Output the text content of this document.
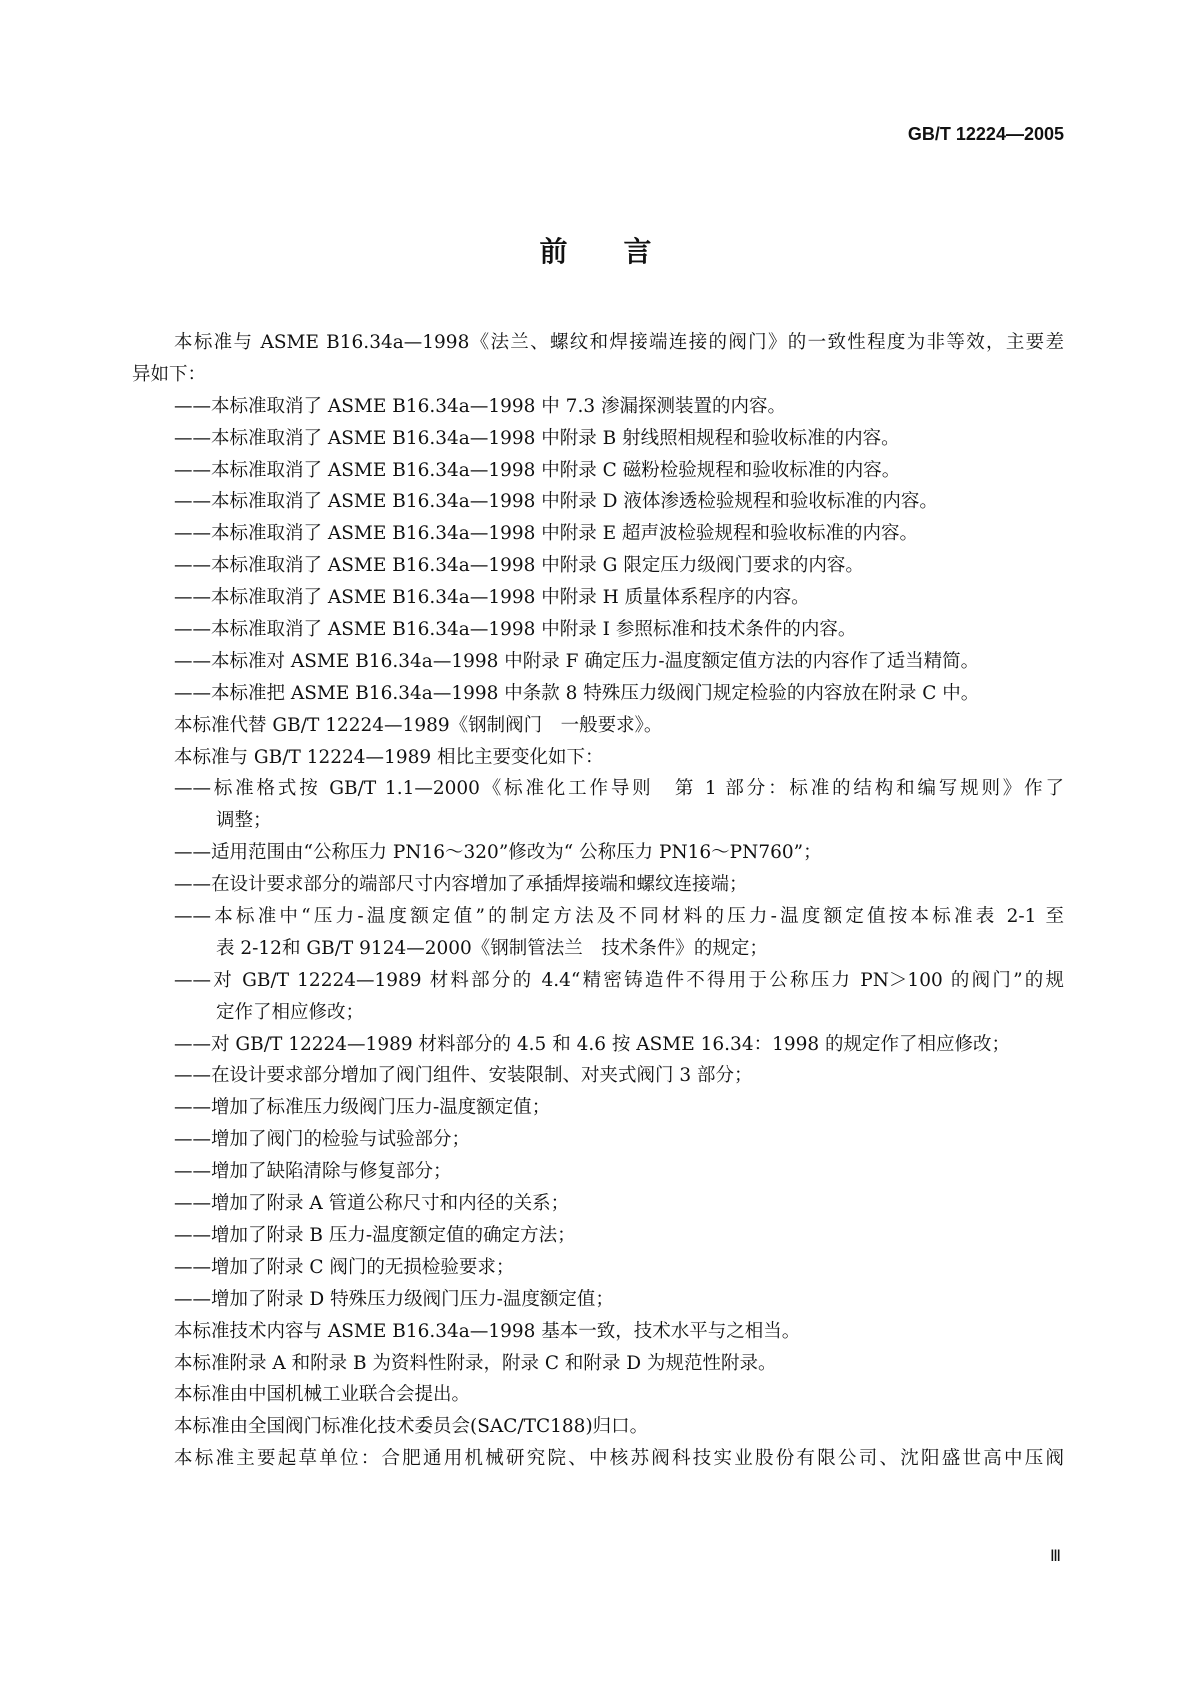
GB/T 12224—2005
前　　言
本标准与 ASME B16.34a—1998《法兰、螺纹和焊接端连接的阀门》的一致性程度为非等效，主要差
异如下：
——本标准取消了 ASME B16.34a—1998 中 7.3 渗漏探测装置的内容。
——本标准取消了 ASME B16.34a—1998 中附录 B 射线照相规程和验收标准的内容。
——本标准取消了 ASME B16.34a—1998 中附录 C 磁粉检验规程和验收标准的内容。
——本标准取消了 ASME B16.34a—1998 中附录 D 液体渗透检验规程和验收标准的内容。
——本标准取消了 ASME B16.34a—1998 中附录 E 超声波检验规程和验收标准的内容。
——本标准取消了 ASME B16.34a—1998 中附录 G 限定压力级阀门要求的内容。
——本标准取消了 ASME B16.34a—1998 中附录 H 质量体系程序的内容。
——本标准取消了 ASME B16.34a—1998 中附录 I 参照标准和技术条件的内容。
——本标准对 ASME B16.34a—1998 中附录 F 确定压力-温度额定值方法的内容作了适当精简。
——本标准把 ASME B16.34a—1998 中条款 8 特殊压力级阀门规定检验的内容放在附录 C 中。
本标准代替 GB/T 12224—1989《钢制阀门　一般要求》。
本标准与 GB/T 12224—1989 相比主要变化如下：
——标准格式按 GB/T 1.1—2000《标准化工作导则　第 1 部分：标准的结构和编写规则》作了
调整；
——适用范围由“公称压力 PN16～320”修改为“ 公称压力 PN16～PN760”；
——在设计要求部分的端部尺寸内容增加了承插焊接端和螺纹连接端；
——本标准中“压力-温度额定值”的制定方法及不同材料的压力-温度额定值按本标准表 2-1 至
表 2-12和 GB/T 9124—2000《钢制管法兰　技术条件》的规定；
——对 GB/T 12224—1989 材料部分的 4.4“精密铸造件不得用于公称压力 PN＞100 的阀门”的规
定作了相应修改；
——对 GB/T 12224—1989 材料部分的 4.5 和 4.6 按 ASME 16.34：1998 的规定作了相应修改；
——在设计要求部分增加了阀门组件、安装限制、对夹式阀门 3 部分；
——增加了标准压力级阀门压力-温度额定值；
——增加了阀门的检验与试验部分；
——增加了缺陷清除与修复部分；
——增加了附录 A 管道公称尺寸和内径的关系；
——增加了附录 B 压力-温度额定值的确定方法；
——增加了附录 C 阀门的无损检验要求；
——增加了附录 D 特殊压力级阀门压力-温度额定值；
本标准技术内容与 ASME B16.34a—1998 基本一致，技术水平与之相当。
本标准附录 A 和附录 B 为资料性附录，附录 C 和附录 D 为规范性附录。
本标准由中国机械工业联合会提出。
本标准由全国阀门标准化技术委员会(SAC/TC188)归口。
本标准主要起草单位：合肥通用机械研究院、中核苏阀科技实业股份有限公司、沈阳盛世高中压阀
Ⅲ
